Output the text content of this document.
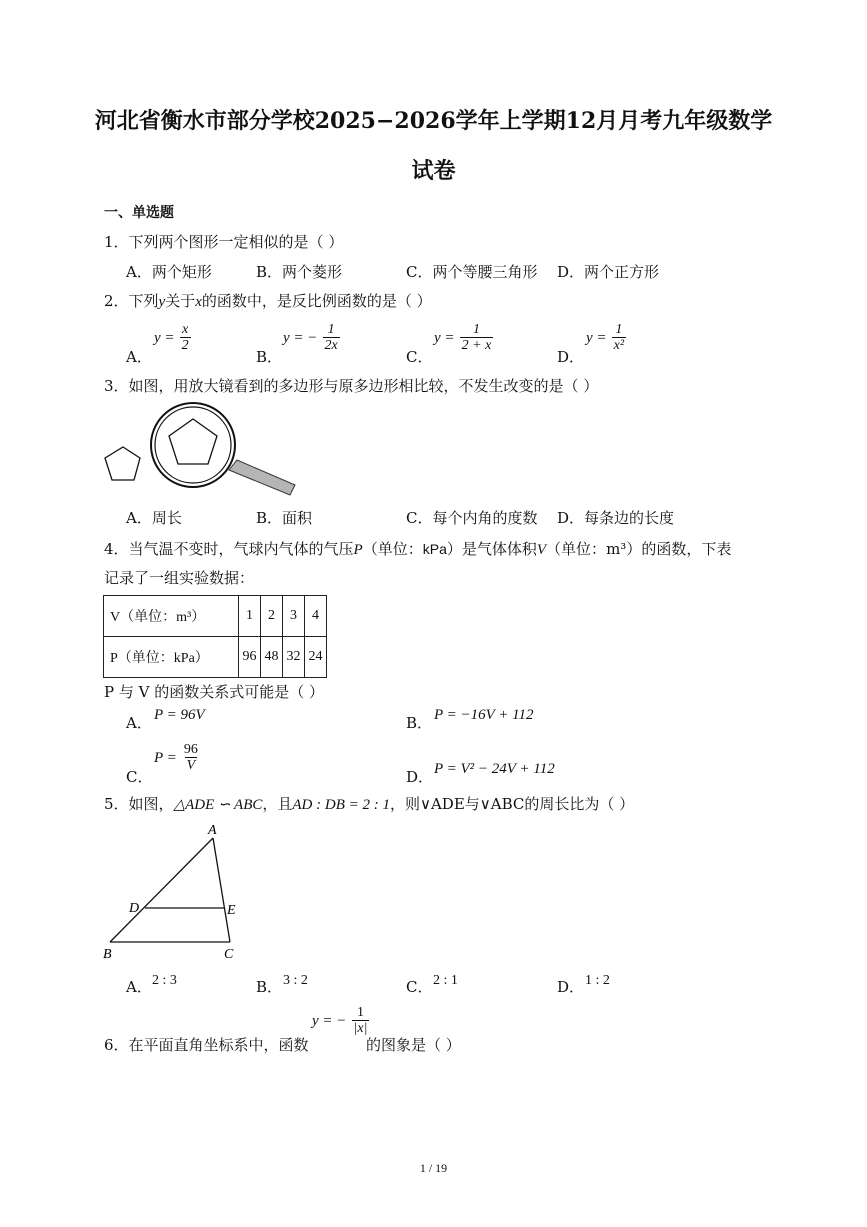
河北省衡水市部分学校2025−2026学年上学期12月月考九年级数学
试卷
一、单选题
1．下列两个图形一定相似的是（ ）
A．两个矩形	B．两个菱形	C．两个等腰三角形 D．两个正方形
2．下列y关于x的函数中，是反比例函数的是（ ）
A．
$y = \frac{x}{2}$
B．
y = − $\frac{1}{2x}$
C．
$y = \frac{1}{2 + x}$
D．
$y = \frac{1}{\text{x²}}$
3．如图，用放大镜看到的多边形与原多边形相比较，不发生改变的是（ ）
A．周长	B．面积	C．每个内角的度数 D．每条边的长度
4．当气温不变时，气球内气体的气压P（单位：kPa）是气体体积V（单位：m³）的函数，下表
记录了一组实验数据：
V（单位：m³）	1	2	3	4
P（单位：kPa）	96	48	32	24
P 与 V 的函数关系式可能是（ ）
A． P = 96V	B． P = −16V + 112
C．
$P = \frac{96}{V}$
D． P = V² − 24V + 112
5．如图，△ADE ∽ ABC，且AD : DB = 2 : 1，则∨ADE与∨ABC的周长比为（ ）
A
D	E
B	C
A． 2 : 3	B． 3 : 2	C． 2 : 1	D． 1 : 2
6．在平面直角坐标系中，函数
y = − $\frac{1}{|x|}$
的图象是（ ）
1 / 19
